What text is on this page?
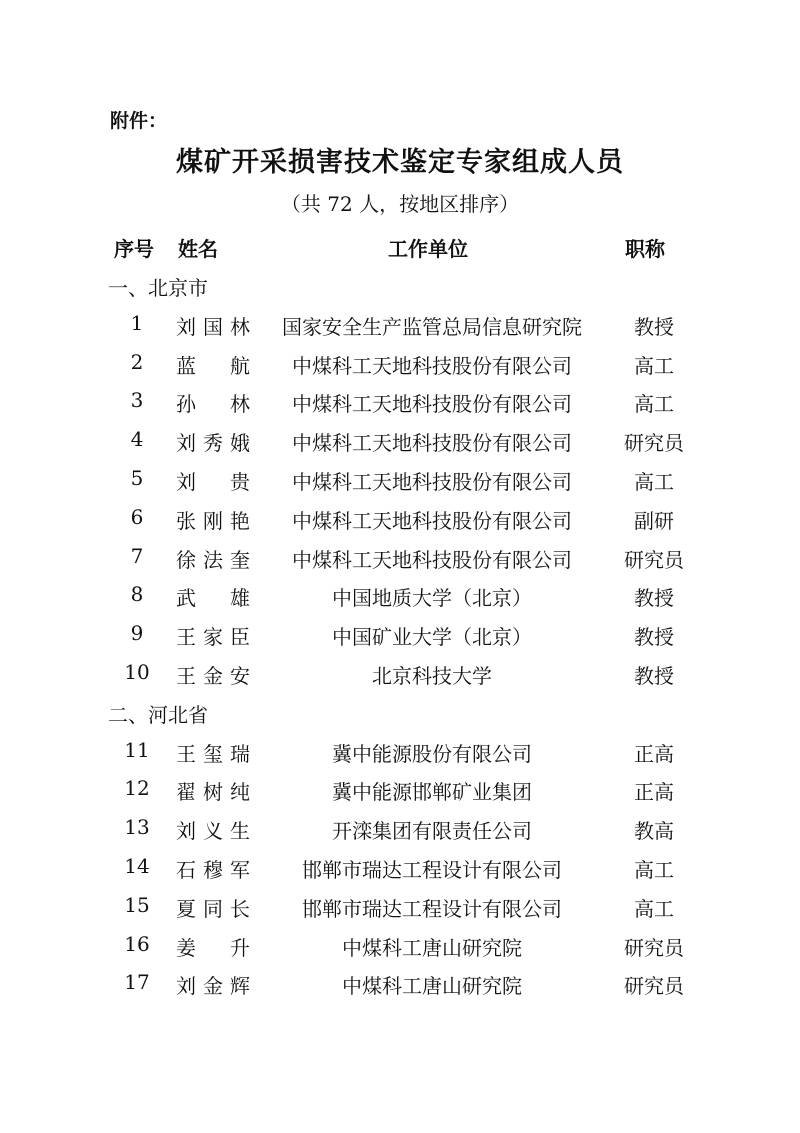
附件：
煤矿开采损害技术鉴定专家组成人员
（共 72 人，按地区排序）
序号 姓名	工作单位	职称
一、北京市
1	刘国林	国家安全生产监管总局信息研究院	教授
2	蓝航	中煤科工天地科技股份有限公司	高工
3	孙林	中煤科工天地科技股份有限公司	高工
4	刘秀娥	中煤科工天地科技股份有限公司	研究员
5	刘贵	中煤科工天地科技股份有限公司	高工
6	张刚艳	中煤科工天地科技股份有限公司	副研
7	徐法奎	中煤科工天地科技股份有限公司	研究员
8	武雄	中国地质大学（北京）	教授
9	王家臣	中国矿业大学（北京）	教授
10	王金安	北京科技大学	教授
二、河北省
11	王玺瑞	冀中能源股份有限公司	正高
12	翟树纯	冀中能源邯郸矿业集团	正高
13	刘义生	开滦集团有限责任公司	教高
14	石穆军	邯郸市瑞达工程设计有限公司	高工
15	夏同长	邯郸市瑞达工程设计有限公司	高工
16	姜升	中煤科工唐山研究院	研究员
17	刘金辉	中煤科工唐山研究院	研究员
